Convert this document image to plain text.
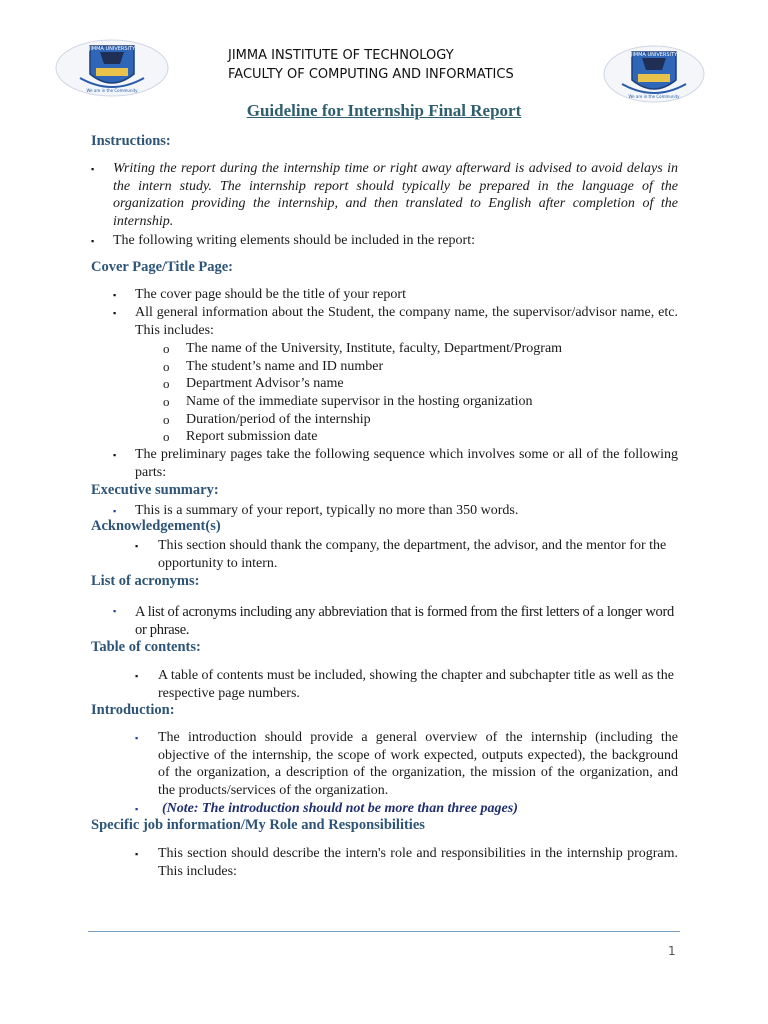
JIMMA UNIVERSITY
We are in the Community
JIMMA UNIVERSITY
We are in the Community
JIMMA INSTITUTE OF TECHNOLOGY
FACULTY OF COMPUTING AND INFORMATICS
Guideline for Internship Final Report
Instructions:
▪ Writing the report during the internship time or right away afterward is advised to avoid delays in the intern study. The internship report should typically be prepared in the language of the organization providing the internship, and then translated to English after completion of the internship.
▪ The following writing elements should be included in the report:
Cover Page/Title Page:
▪ The cover page should be the title of your report
▪ All general information about the Student, the company name, the supervisor/advisor name, etc. This includes:
o The name of the University, Institute, faculty, Department/Program
o The student’s name and ID number
o Department Advisor’s name
o Name of the immediate supervisor in the hosting organization
o Duration/period of the internship
o Report submission date
▪ The preliminary pages take the following sequence which involves some or all of the following parts:
Executive summary:
▪ This is a summary of your report, typically no more than 350 words.
Acknowledgement(s)
▪ This section should thank the company, the department, the advisor, and the mentor for the opportunity to intern.
List of acronyms:
▪ A list of acronyms including any abbreviation that is formed from the first letters of a longer word or phrase.
Table of contents:
▪ A table of contents must be included, showing the chapter and subchapter title as well as the respective page numbers.
Introduction:
▪ The introduction should provide a general overview of the internship (including the objective of the internship, the scope of work expected, outputs expected), the background of the organization, a description of the organization, the mission of the organization, and the products/services of the organization.
▪ (Note: The introduction should not be more than three pages)
Specific job information/My Role and Responsibilities
▪ This section should describe the intern's role and responsibilities in the internship program. This includes:
1
